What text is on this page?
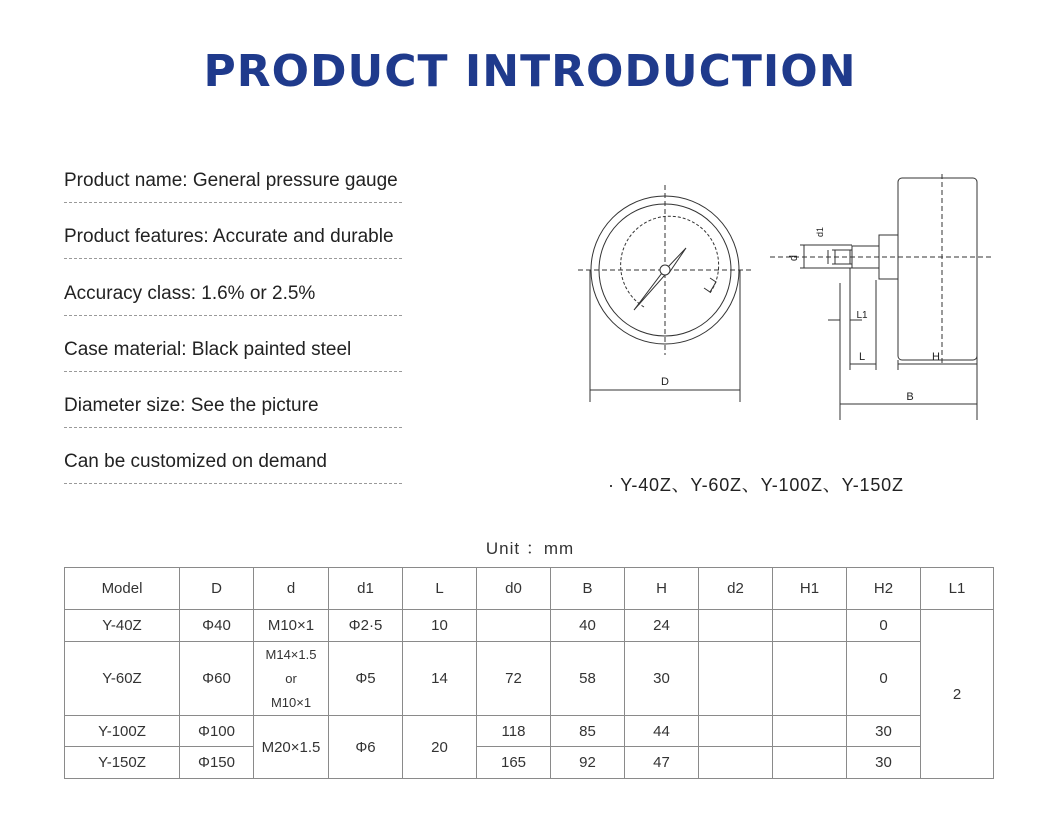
PRODUCT INTRODUCTION
Product name: General pressure gauge
Product features: Accurate and durable
Accuracy class: 1.6% or 2.5%
Case material: Black painted steel
Diameter size: See the picture
Can be customized on demand
D
d
d1
L1
L	H
B
· Y-40Z、Y-60Z、Y-100Z、Y-150Z
Unit ：mm
Model	D	d	d1	L	d0	B	H	d2	H1	H2	L1
Y-40Z	Φ40	M10×1	Φ2·5	10		40	24			0	2
Y-60Z	Φ60	M14×1.5
or
M10×1	Φ5	14	72	58	30			0	
Y-100Z	Φ100	M20×1.5	Φ6	20	118	85	44			30	
Y-150Z	Φ150				165	92	47			30	
